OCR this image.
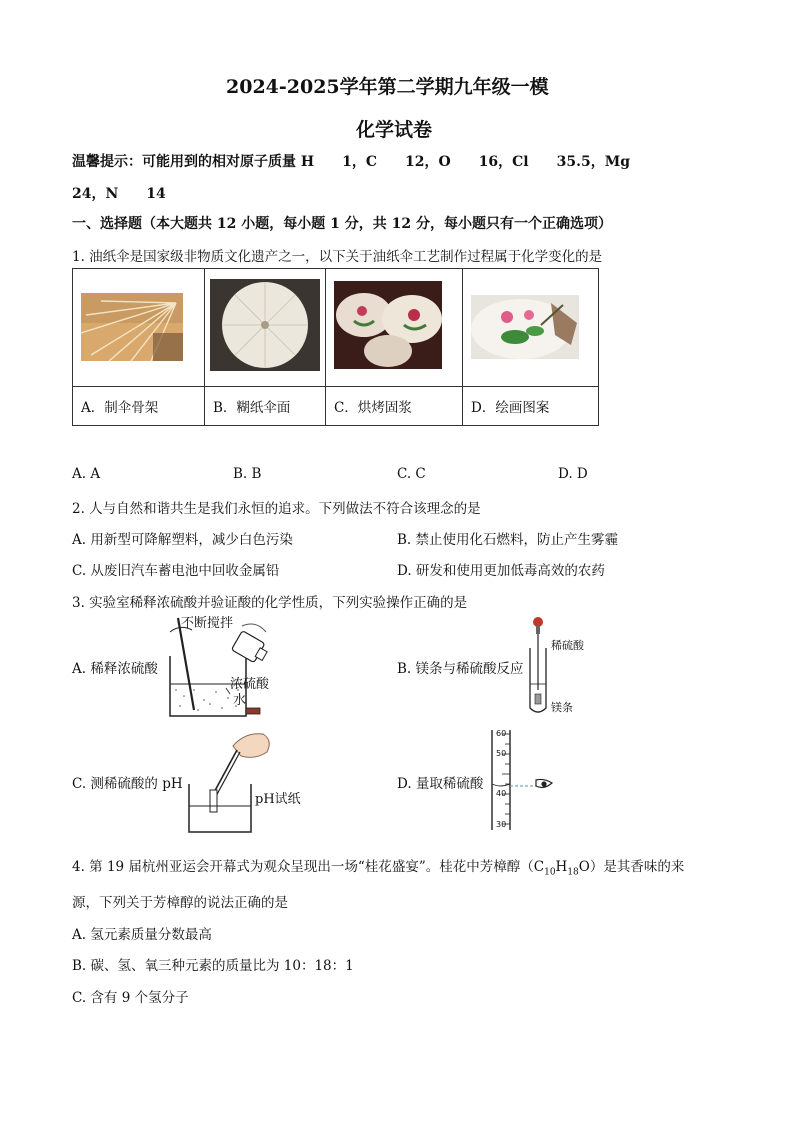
2024-2025学年第二学期九年级一模
化学试卷
温馨提示：可能用到的相对原子质量 H　　1，C　　12，O　　16，Cl　　35.5，Mg
24，N　　14
一、选择题（本大题共 12 小题，每小题 1 分，共 12 分，每小题只有一个正确选项）
1. 油纸伞是国家级非物质文化遗产之一，以下关于油纸伞工艺制作过程属于化学变化的是

A．制伞骨架	B．糊纸伞面	C．烘烤固浆	D．绘画图案
A. A	B. B	C. C	D. D
2. 人与自然和谐共生是我们永恒的追求。下列做法不符合该理念的是
A. 用新型可降解塑料，减少白色污染	B. 禁止使用化石燃料，防止产生雾霾
C. 从废旧汽车蓄电池中回收金属铅	D. 研发和使用更加低毒高效的农药
3. 实验室稀释浓硫酸并验证酸的化学性质，下列实验操作正确的是
A. 稀释浓硫酸
不断搅拌
浓硫酸
水
B. 镁条与稀硫酸反应
稀硫酸
镁条
C. 测稀硫酸的 pH
pH试纸
D. 量取稀硫酸
60
50
40
30
4. 第 19 届杭州亚运会开幕式为观众呈现出一场“桂花盛宴”。桂花中芳樟醇$(C_{10}H_{18}O)$是其香味的来
源，下列关于芳樟醇的说法正确的是
A. 氢元素质量分数最高
B. 碳、氢、氧三种元素的质量比为 10：18：1
C. 含有 9 个氢分子
